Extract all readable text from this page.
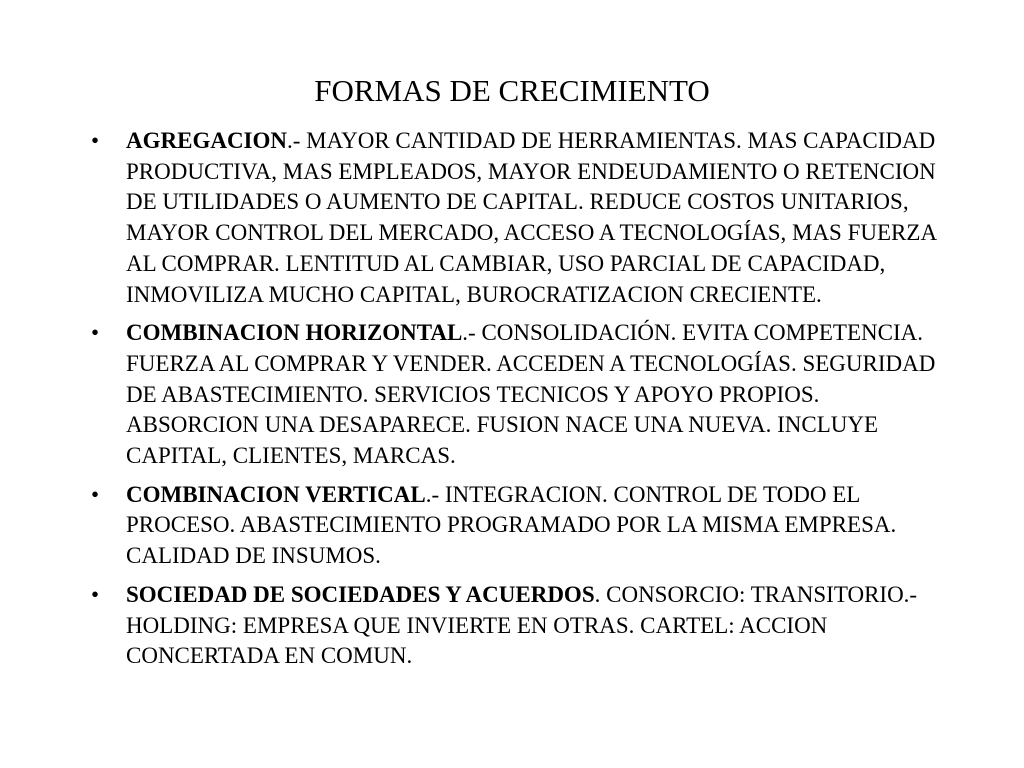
FORMAS DE CRECIMIENTO
• AGREGACION.- MAYOR CANTIDAD DE HERRAMIENTAS. MAS CAPACIDAD PRODUCTIVA, MAS EMPLEADOS, MAYOR ENDEUDAMIENTO O RETENCION DE UTILIDADES O AUMENTO DE CAPITAL. REDUCE COSTOS UNITARIOS, MAYOR CONTROL DEL MERCADO, ACCESO A TECNOLOGÍAS, MAS FUERZA AL COMPRAR. LENTITUD AL CAMBIAR, USO PARCIAL DE CAPACIDAD, INMOVILIZA MUCHO CAPITAL, BUROCRATIZACION CRECIENTE.
• COMBINACION HORIZONTAL.- CONSOLIDACIÓN. EVITA COMPETENCIA. FUERZA AL COMPRAR Y VENDER. ACCEDEN A TECNOLOGÍAS. SEGURIDAD DE ABASTECIMIENTO. SERVICIOS TECNICOS Y APOYO PROPIOS. ABSORCION UNA DESAPARECE. FUSION NACE UNA NUEVA. INCLUYE CAPITAL, CLIENTES, MARCAS.
• COMBINACION VERTICAL.- INTEGRACION. CONTROL DE TODO EL PROCESO. ABASTECIMIENTO PROGRAMADO POR LA MISMA EMPRESA. CALIDAD DE INSUMOS.
• SOCIEDAD DE SOCIEDADES Y ACUERDOS. CONSORCIO: TRANSITORIO.- HOLDING: EMPRESA QUE INVIERTE EN OTRAS. CARTEL: ACCION CONCERTADA EN COMUN.
